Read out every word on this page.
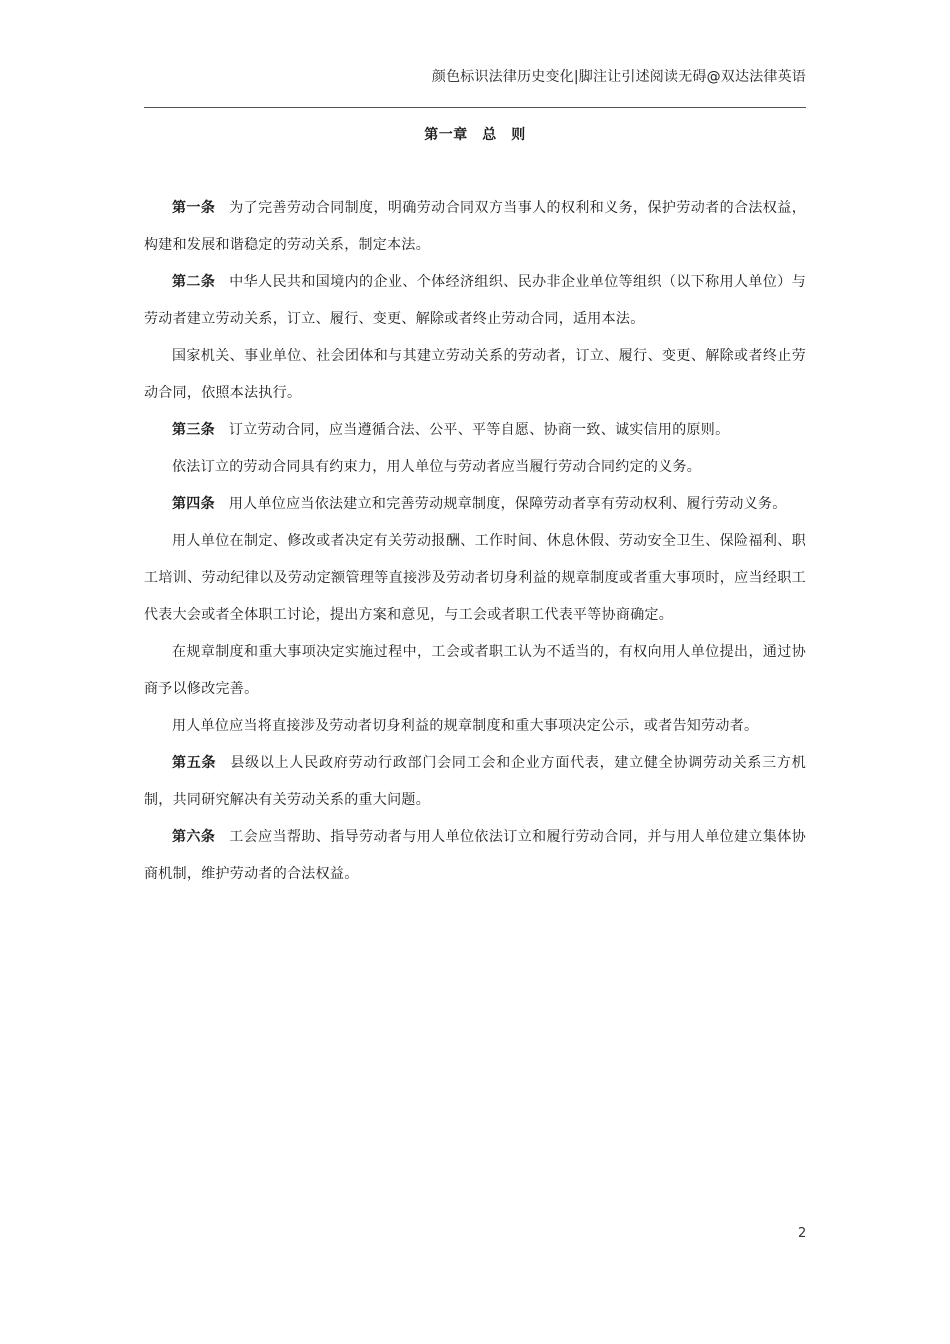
颜色标识法律历史变化|脚注让引述阅读无碍@双达法律英语
第一章　总　则

第一条 为了完善劳动合同制度，明确劳动合同双方当事人的权利和义务，保护劳动者的合法权益，构建和发展和谐稳定的劳动关系，制定本法。

第二条 中华人民共和国境内的企业、个体经济组织、民办非企业单位等组织（以下称用人单位）与劳动者建立劳动关系，订立、履行、变更、解除或者终止劳动合同，适用本法。

国家机关、事业单位、社会团体和与其建立劳动关系的劳动者，订立、履行、变更、解除或者终止劳动合同，依照本法执行。

第三条 订立劳动合同，应当遵循合法、公平、平等自愿、协商一致、诚实信用的原则。

依法订立的劳动合同具有约束力，用人单位与劳动者应当履行劳动合同约定的义务。

第四条 用人单位应当依法建立和完善劳动规章制度，保障劳动者享有劳动权利、履行劳动义务。

用人单位在制定、修改或者决定有关劳动报酬、工作时间、休息休假、劳动安全卫生、保险福利、职工培训、劳动纪律以及劳动定额管理等直接涉及劳动者切身利益的规章制度或者重大事项时，应当经职工代表大会或者全体职工讨论，提出方案和意见，与工会或者职工代表平等协商确定。

在规章制度和重大事项决定实施过程中，工会或者职工认为不适当的，有权向用人单位提出，通过协商予以修改完善。

用人单位应当将直接涉及劳动者切身利益的规章制度和重大事项决定公示，或者告知劳动者。

第五条 县级以上人民政府劳动行政部门会同工会和企业方面代表，建立健全协调劳动关系三方机制，共同研究解决有关劳动关系的重大问题。

第六条 工会应当帮助、指导劳动者与用人单位依法订立和履行劳动合同，并与用人单位建立集体协商机制，维护劳动者的合法权益。

2
